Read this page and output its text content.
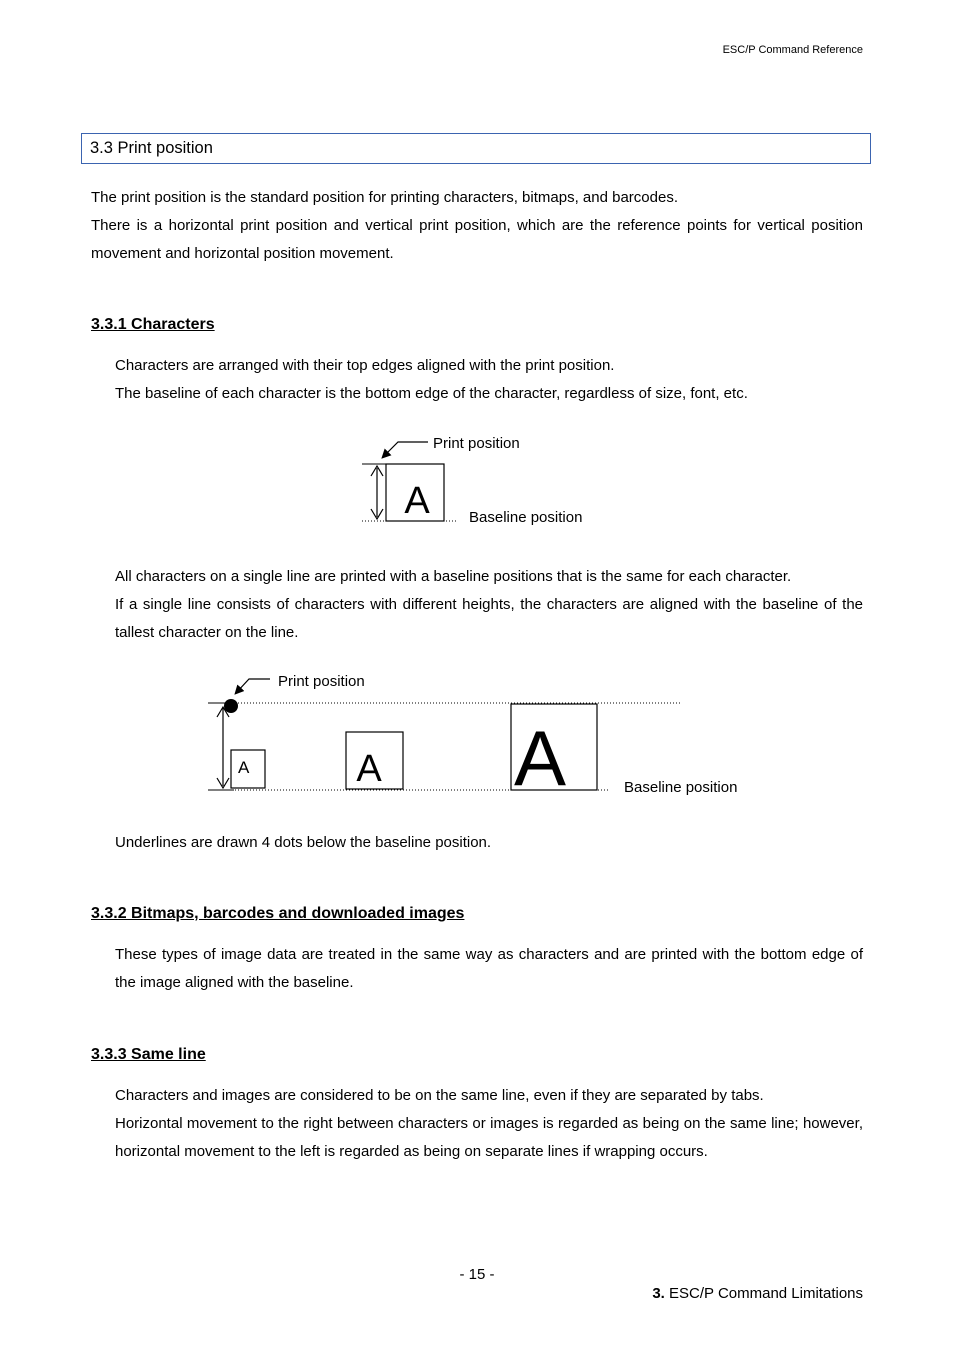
ESC/P Command Reference
3.3 Print position
The print position is the standard position for printing characters, bitmaps, and barcodes.
There is a horizontal print position and vertical print position, which are the reference points for vertical position movement and horizontal position movement.
3.3.1 Characters
Characters are arranged with their top edges aligned with the print position.
The baseline of each character is the bottom edge of the character, regardless of size, font, etc.
A
Print position
Baseline position
All characters on a single line are printed with a baseline positions that is the same for each character.
If a single line consists of characters with different heights, the characters are aligned with the baseline of the tallest character on the line.
A	A A
Print position
Baseline position
Underlines are drawn 4 dots below the baseline position.
3.3.2 Bitmaps, barcodes and downloaded images
These types of image data are treated in the same way as characters and are printed with the bottom edge of the image aligned with the baseline.
3.3.3 Same line
Characters and images are considered to be on the same line, even if they are separated by tabs.
Horizontal movement to the right between characters or images is regarded as being on the same line; however, horizontal movement to the left is regarded as being on separate lines if wrapping occurs.
- 15 -
3. ESC/P Command Limitations
